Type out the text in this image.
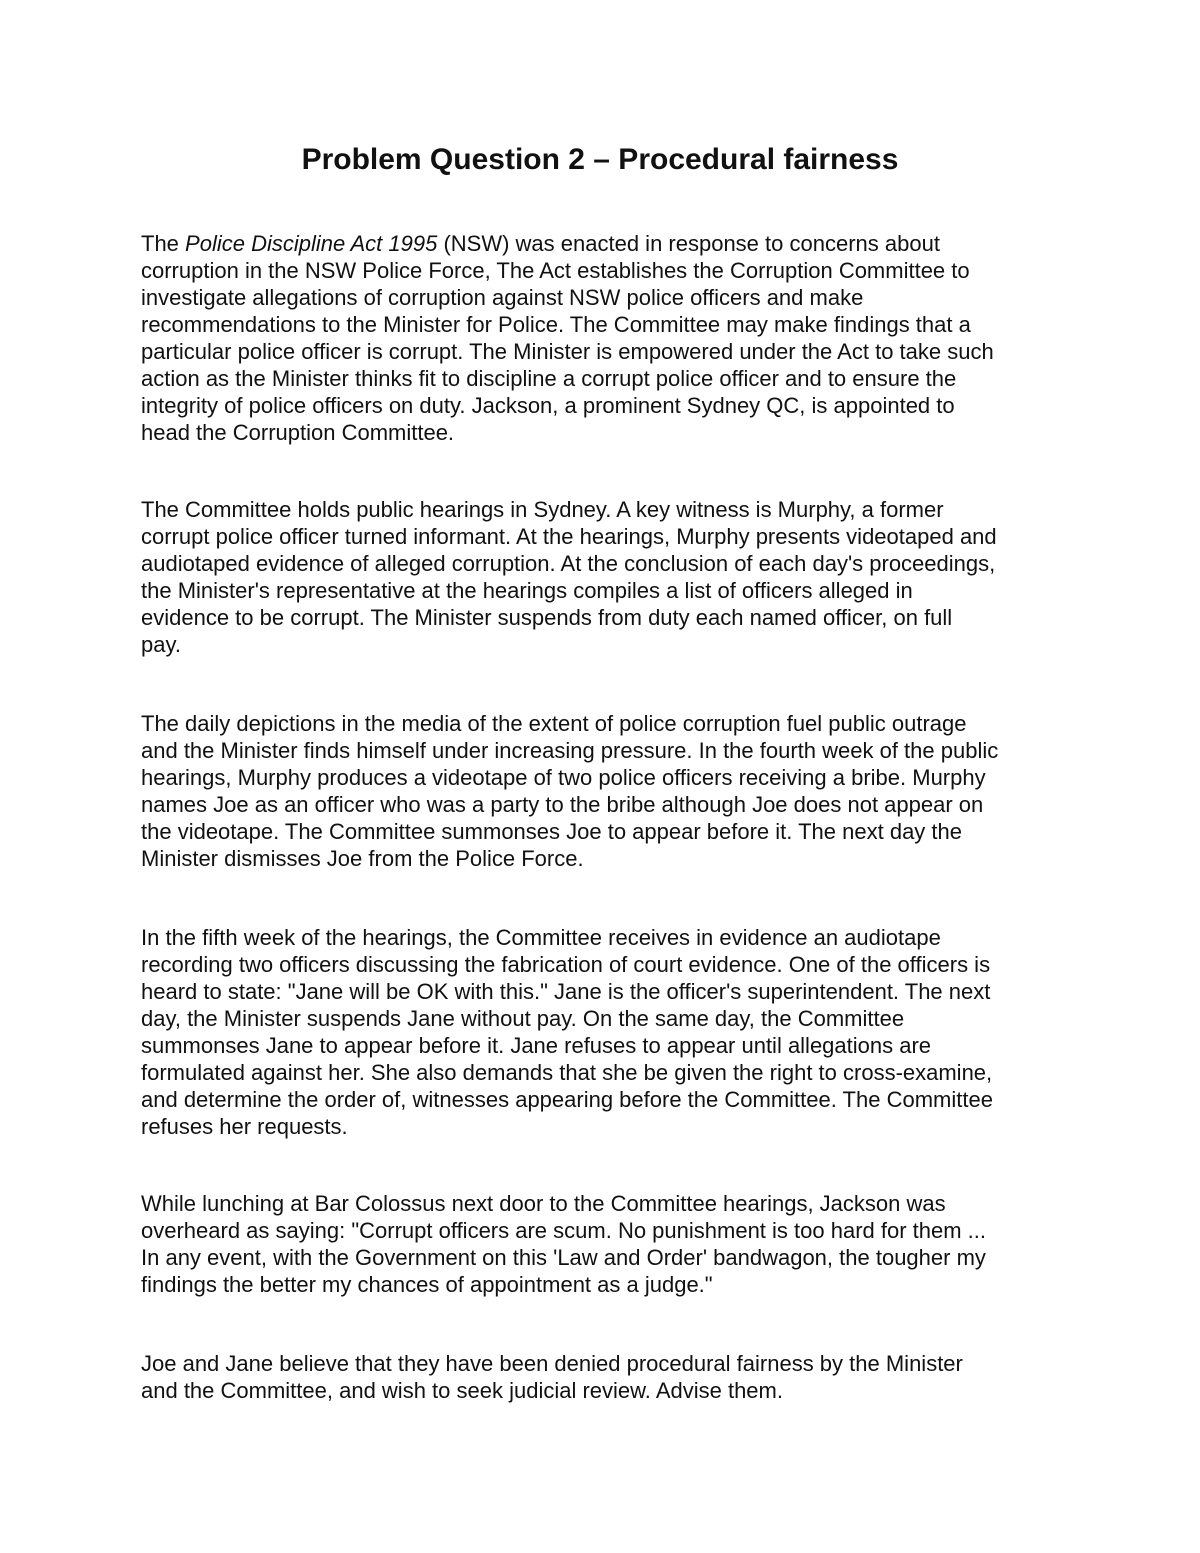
Problem Question 2 – Procedural fairness
The Police Discipline Act 1995 (NSW) was enacted in response to concerns about
corruption in the NSW Police Force, The Act establishes the Corruption Committee to
investigate allegations of corruption against NSW police officers and make
recommendations to the Minister for Police. The Committee may make findings that a
particular police officer is corrupt. The Minister is empowered under the Act to take such
action as the Minister thinks fit to discipline a corrupt police officer and to ensure the
integrity of police officers on duty. Jackson, a prominent Sydney QC, is appointed to
head the Corruption Committee.
The Committee holds public hearings in Sydney. A key witness is Murphy, a former
corrupt police officer turned informant. At the hearings, Murphy presents videotaped and
audiotaped evidence of alleged corruption. At the conclusion of each day's proceedings,
the Minister's representative at the hearings compiles a list of officers alleged in
evidence to be corrupt. The Minister suspends from duty each named officer, on full
pay.
The daily depictions in the media of the extent of police corruption fuel public outrage
and the Minister finds himself under increasing pressure. In the fourth week of the public
hearings, Murphy produces a videotape of two police officers receiving a bribe. Murphy
names Joe as an officer who was a party to the bribe although Joe does not appear on
the videotape. The Committee summonses Joe to appear before it. The next day the
Minister dismisses Joe from the Police Force.
In the fifth week of the hearings, the Committee receives in evidence an audiotape
recording two officers discussing the fabrication of court evidence. One of the officers is
heard to state: "Jane will be OK with this." Jane is the officer's superintendent. The next
day, the Minister suspends Jane without pay. On the same day, the Committee
summonses Jane to appear before it. Jane refuses to appear until allegations are
formulated against her. She also demands that she be given the right to cross-examine,
and determine the order of, witnesses appearing before the Committee. The Committee
refuses her requests.
While lunching at Bar Colossus next door to the Committee hearings, Jackson was
overheard as saying: "Corrupt officers are scum. No punishment is too hard for them ...
In any event, with the Government on this 'Law and Order' bandwagon, the tougher my
findings the better my chances of appointment as a judge."
Joe and Jane believe that they have been denied procedural fairness by the Minister
and the Committee, and wish to seek judicial review. Advise them.
